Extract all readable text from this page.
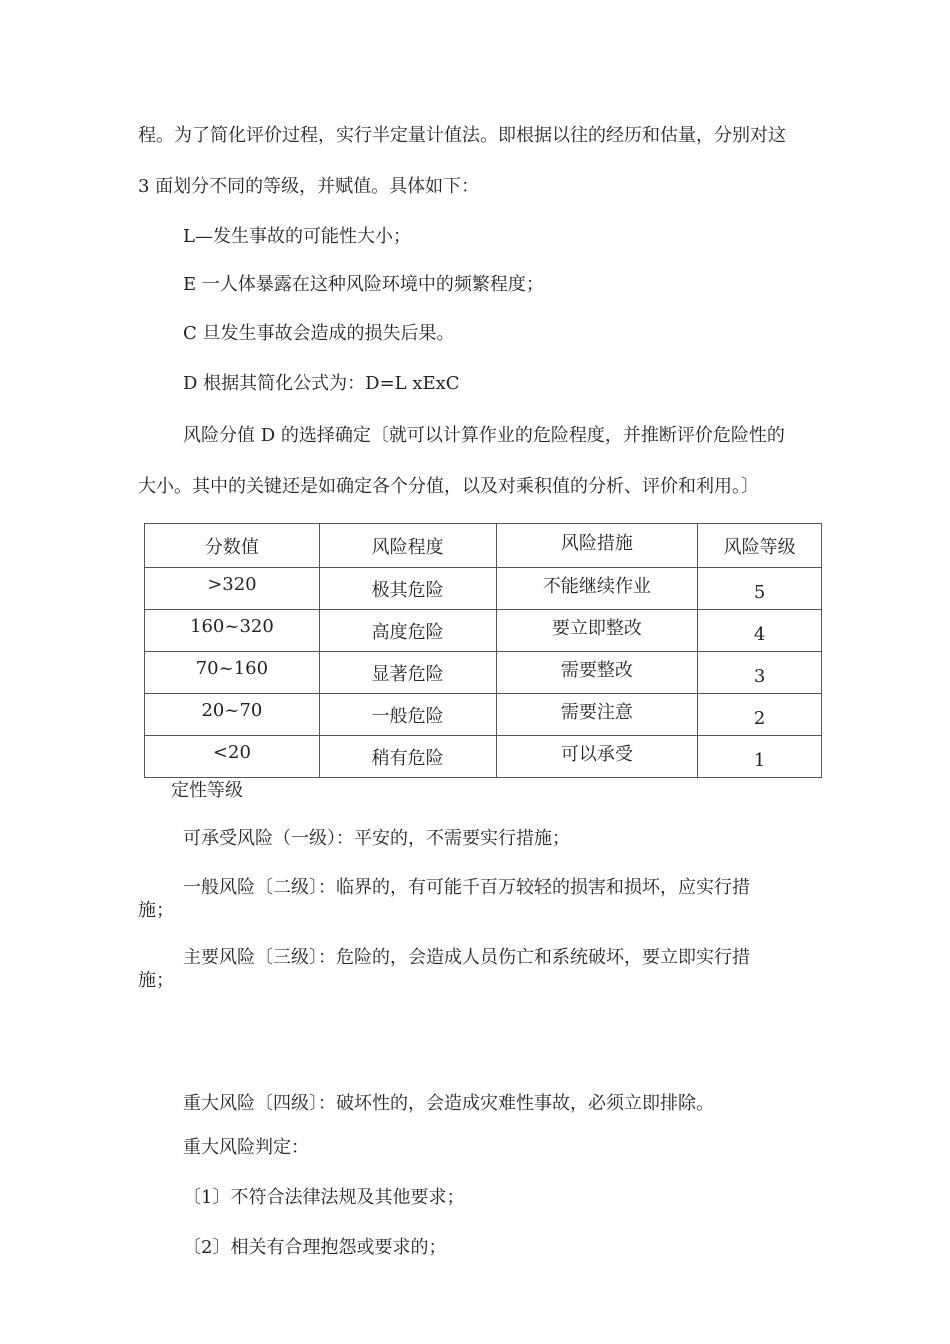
程。为了简化评价过程，实行半定量计值法。即根据以往的经历和估量，分别对这
3 面划分不同的等级，并赋值。具体如下：
L—发生事故的可能性大小；
E 一人体暴露在这种风险环境中的频繁程度；
C 旦发生事故会造成的损失后果。
D 根据其简化公式为：D=L xExC
风险分值 D 的选择确定〔就可以计算作业的危险程度，并推断评价危险性的
大小。其中的关键还是如确定各个分值，以及对乘积值的分析、评价和利用。〕
分数值	风险程度	风险措施	风险等级
>320	极其危险	不能继续作业	5
160~320	高度危险	要立即整改	4
70~160	显著危险	需要整改	3
20~70	一般危险	需要注意	2
<20	稍有危险	可以承受	1
定性等级
可承受风险（一级）：平安的，不需要实行措施；
一般风险〔二级〕：临界的，有可能千百万较轻的损害和损坏，应实行措
施；
主要风险〔三级〕：危险的，会造成人员伤亡和系统破坏，要立即实行措
施；
重大风险〔四级〕：破坏性的，会造成灾难性事故，必须立即排除。
重大风险判定：
〔1〕不符合法律法规及其他要求；
〔2〕相关有合理抱怨或要求的；
